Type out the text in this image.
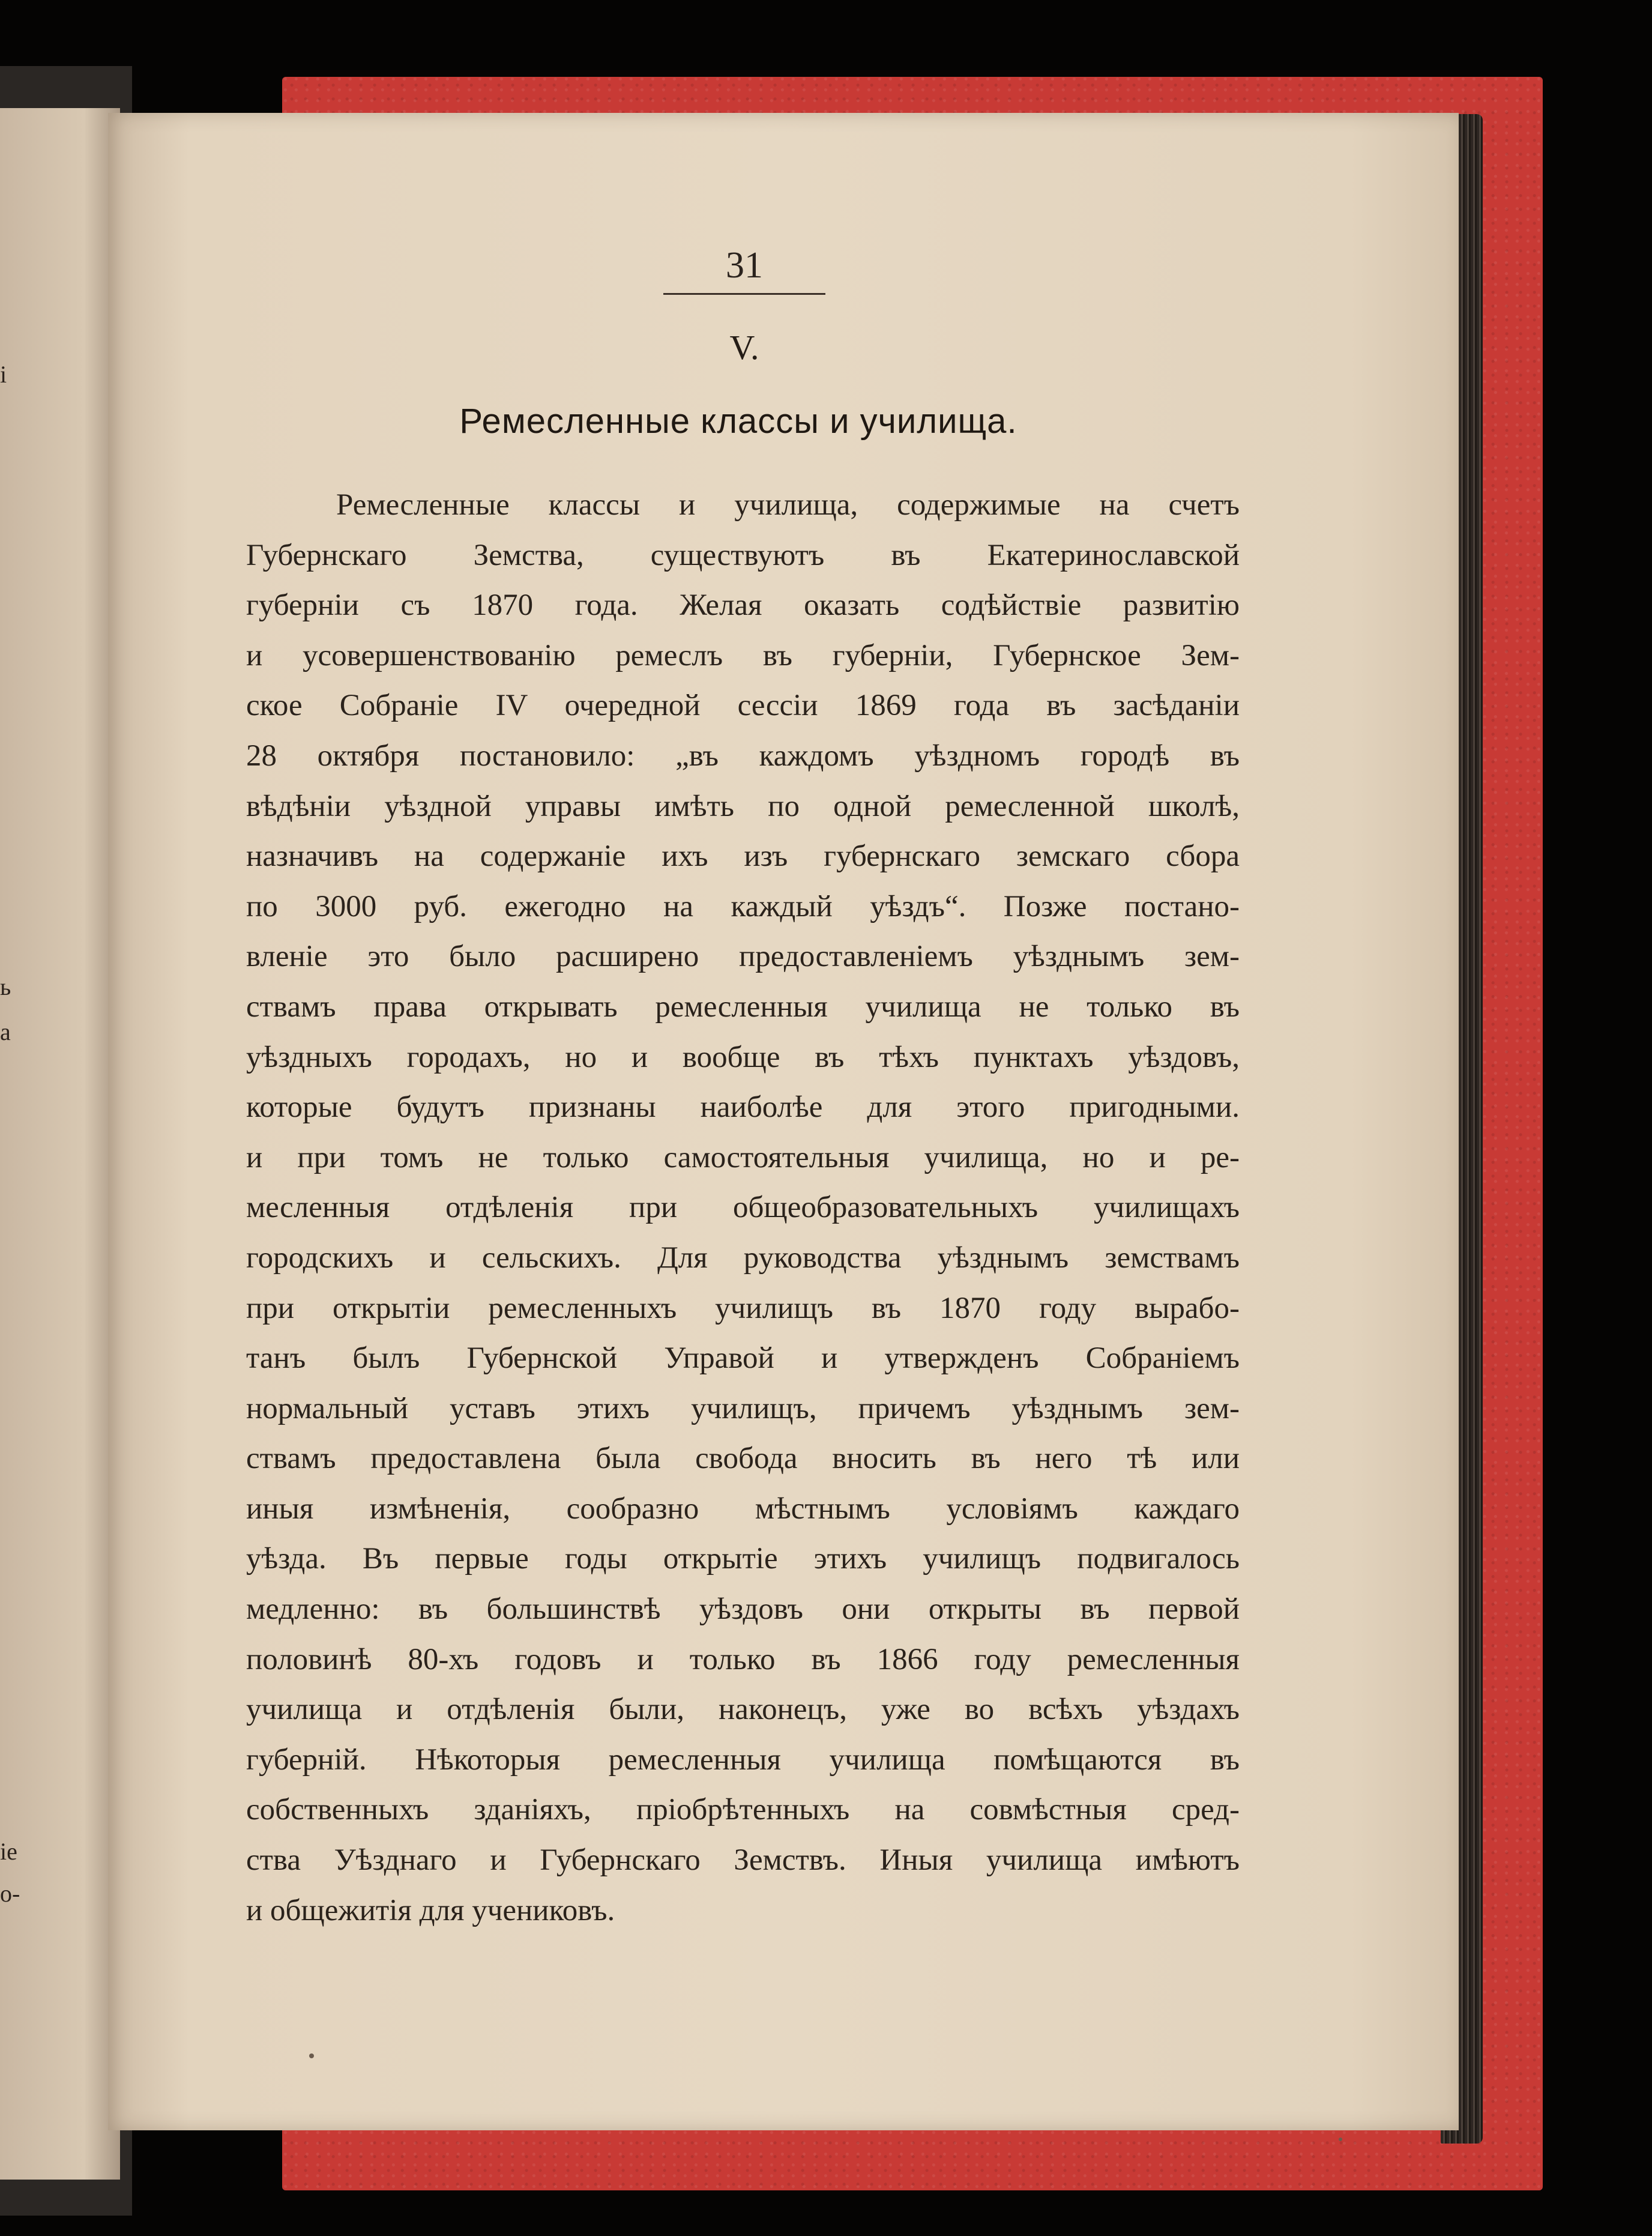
i
ь
а
ie
о-
31
V.
Ремесленные классы и училища.
Ремесленные классы и училища, содержимые на счетъ
Губернскаго Земства, существуютъ въ Екатеринославской
губерніи съ 1870 года. Желая оказать содѣйствіе развитію
и усовершенствованію ремеслъ въ губерніи, Губернское Зем-
ское Собраніе IV очередной сессіи 1869 года въ засѣданіи
28 октября постановило: „въ каждомъ уѣздномъ городѣ въ
вѣдѣніи уѣздной управы имѣть по одной ремесленной школѣ,
назначивъ на содержаніе ихъ изъ губернскаго земскаго сбора
по 3000 руб. ежегодно на каждый уѣздъ“. Позже постано-
вленіе это было расширено предоставленіемъ уѣзднымъ зем-
ствамъ права открывать ремесленныя училища не только въ
уѣздныхъ городахъ, но и вообще въ тѣхъ пунктахъ уѣздовъ,
которые будутъ признаны наиболѣе для этого пригодными.
и при томъ не только самостоятельныя училища, но и ре-
месленныя отдѣленія при общеобразовательныхъ училищахъ
городскихъ и сельскихъ. Для руководства уѣзднымъ земствамъ
при открытіи ремесленныхъ училищъ въ 1870 году вырабо-
танъ былъ Губернской Управой и утвержденъ Собраніемъ
нормальный уставъ этихъ училищъ, причемъ уѣзднымъ зем-
ствамъ предоставлена была свобода вносить въ него тѣ или
иныя измѣненія, сообразно мѣстнымъ условіямъ каждаго
уѣзда. Въ первые годы открытіе этихъ училищъ подвигалось
медленно: въ большинствѣ уѣздовъ они открыты въ первой
половинѣ 80-хъ годовъ и только въ 1866 году ремесленныя
училища и отдѣленія были, наконецъ, уже во всѣхъ уѣздахъ
губерній. Нѣкоторыя ремесленныя училища помѣщаются въ
собственныхъ зданіяхъ, пріобрѣтенныхъ на совмѣстныя сред-
ства Уѣзднаго и Губернскаго Земствъ. Иныя училища имѣютъ
и общежитія для учениковъ.
